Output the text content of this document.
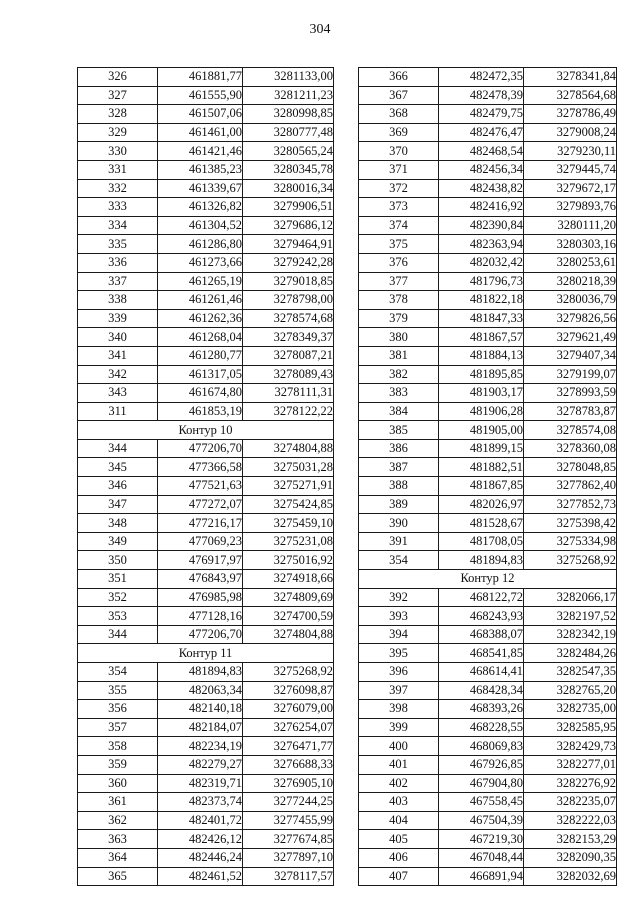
304
326	461881,77	3281133,00
327	461555,90	3281211,23
328	461507,06	3280998,85
329	461461,00	3280777,48
330	461421,46	3280565,24
331	461385,23	3280345,78
332	461339,67	3280016,34
333	461326,82	3279906,51
334	461304,52	3279686,12
335	461286,80	3279464,91
336	461273,66	3279242,28
337	461265,19	3279018,85
338	461261,46	3278798,00
339	461262,36	3278574,68
340	461268,04	3278349,37
341	461280,77	3278087,21
342	461317,05	3278089,43
343	461674,80	3278111,31
311	461853,19	3278122,22
Контур 10		
344	477206,70	3274804,88
345	477366,58	3275031,28
346	477521,63	3275271,91
347	477272,07	3275424,85
348	477216,17	3275459,10
349	477069,23	3275231,08
350	476917,97	3275016,92
351	476843,97	3274918,66
352	476985,98	3274809,69
353	477128,16	3274700,59
344	477206,70	3274804,88
Контур 11		
354	481894,83	3275268,92
355	482063,34	3276098,87
356	482140,18	3276079,00
357	482184,07	3276254,07
358	482234,19	3276471,77
359	482279,27	3276688,33
360	482319,71	3276905,10
361	482373,74	3277244,25
362	482401,72	3277455,99
363	482426,12	3277674,85
364	482446,24	3277897,10
365	482461,52	3278117,57
366	482472,35	3278341,84
367	482478,39	3278564,68
368	482479,75	3278786,49
369	482476,47	3279008,24
370	482468,54	3279230,11
371	482456,34	3279445,74
372	482438,82	3279672,17
373	482416,92	3279893,76
374	482390,84	3280111,20
375	482363,94	3280303,16
376	482032,42	3280253,61
377	481796,73	3280218,39
378	481822,18	3280036,79
379	481847,33	3279826,56
380	481867,57	3279621,49
381	481884,13	3279407,34
382	481895,85	3279199,07
383	481903,17	3278993,59
384	481906,28	3278783,87
385	481905,00	3278574,08
386	481899,15	3278360,08
387	481882,51	3278048,85
388	481867,85	3277862,40
389	482026,97	3277852,73
390	481528,67	3275398,42
391	481708,05	3275334,98
354	481894,83	3275268,92
Контур 12		
392	468122,72	3282066,17
393	468243,93	3282197,52
394	468388,07	3282342,19
395	468541,85	3282484,26
396	468614,41	3282547,35
397	468428,34	3282765,20
398	468393,26	3282735,00
399	468228,55	3282585,95
400	468069,83	3282429,73
401	467926,85	3282277,01
402	467904,80	3282276,92
403	467558,45	3282235,07
404	467504,39	3282222,03
405	467219,30	3282153,29
406	467048,44	3282090,35
407	466891,94	3282032,69
